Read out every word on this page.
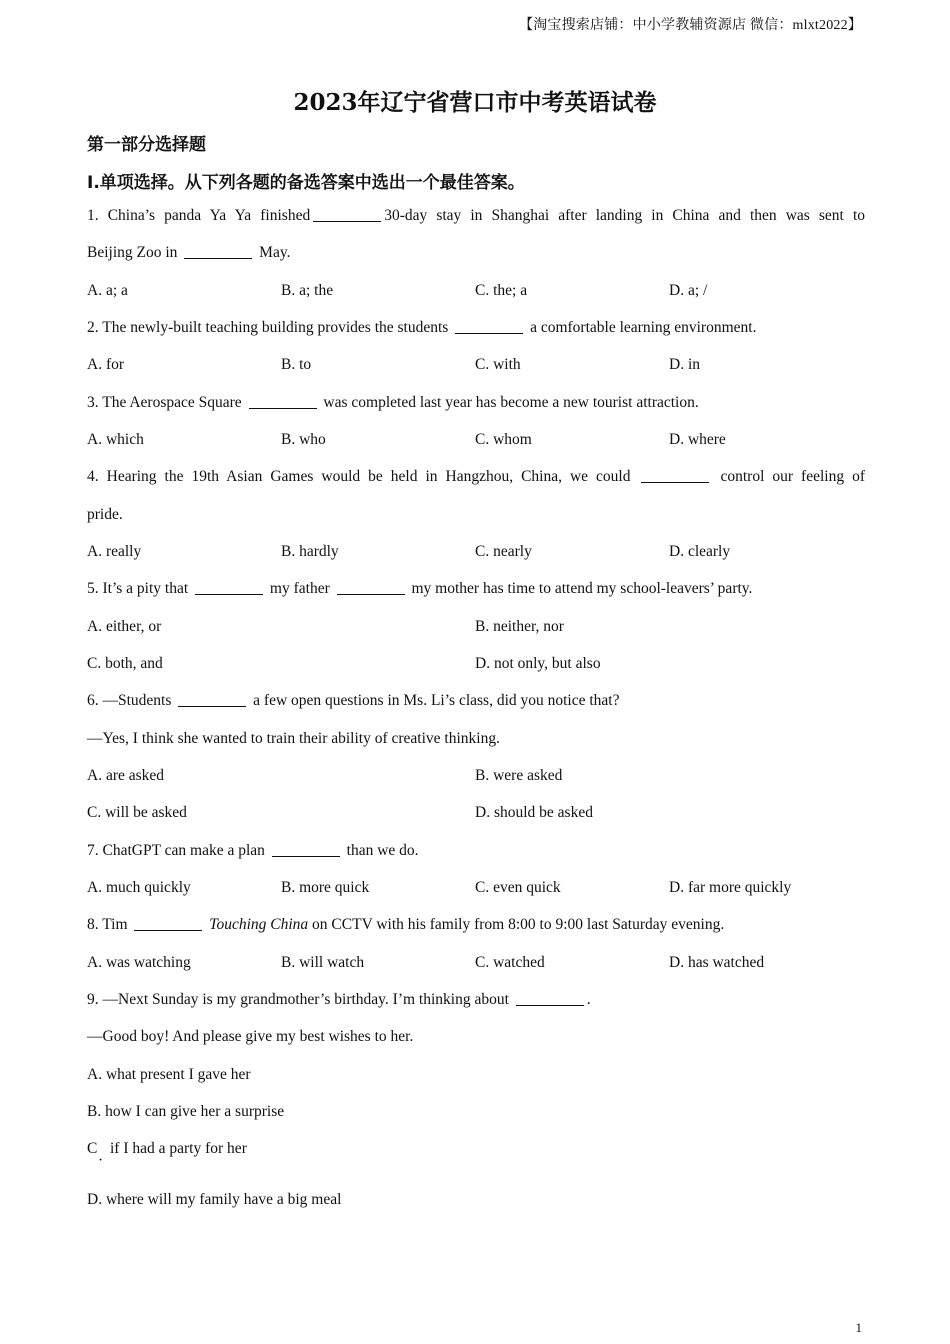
【淘宝搜索店铺：中小学教辅资源店 微信：mlxt2022】
2023年辽宁省营口市中考英语试卷
第一部分选择题
Ⅰ.单项选择。从下列各题的备选答案中选出一个最佳答案。
1. China’s panda Ya Ya finished	30-day stay in Shanghai after landing in China and then was sent to
Beijing Zoo in	May.
A. a; a	B. a; the	C. the; a	D. a; /
2. The newly-built teaching building provides the students	a comfortable learning environment.
A. for	B. to	C. with	D. in
3. The Aerospace Square	was completed last year has become a new tourist attraction.
A. which	B. who	C. whom	D. where
4. Hearing the 19th Asian Games would be held in Hangzhou, China, we could	control our feeling of
pride.
A. really	B. hardly	C. nearly	D. clearly
5. It’s a pity that	my father	my mother has time to attend my school-leavers’ party.
A. either, or	B. neither, nor
C. both, and	D. not only, but also
6. —Students	a few open questions in Ms. Li’s class, did you notice that?
—Yes, I think she wanted to train their ability of creative thinking.
A. are asked	B. were asked
C. will be asked	D. should be asked
7. ChatGPT can make a plan	than we do.
A. much quickly	B. more quick	C. even quick	D. far more quickly
8. Tim	Touching China on CCTV with his family from 8:00 to 9:00 last Saturday evening.
A. was watching	B. will watch	C. watched	D. has watched
9. —Next Sunday is my grandmother’s birthday. I’m thinking about	.
—Good boy! And please give my best wishes to her.
A. what present I gave her
B. how I can give her a surprise
C
·
if I had a party for her
D. where will my family have a big meal
1
